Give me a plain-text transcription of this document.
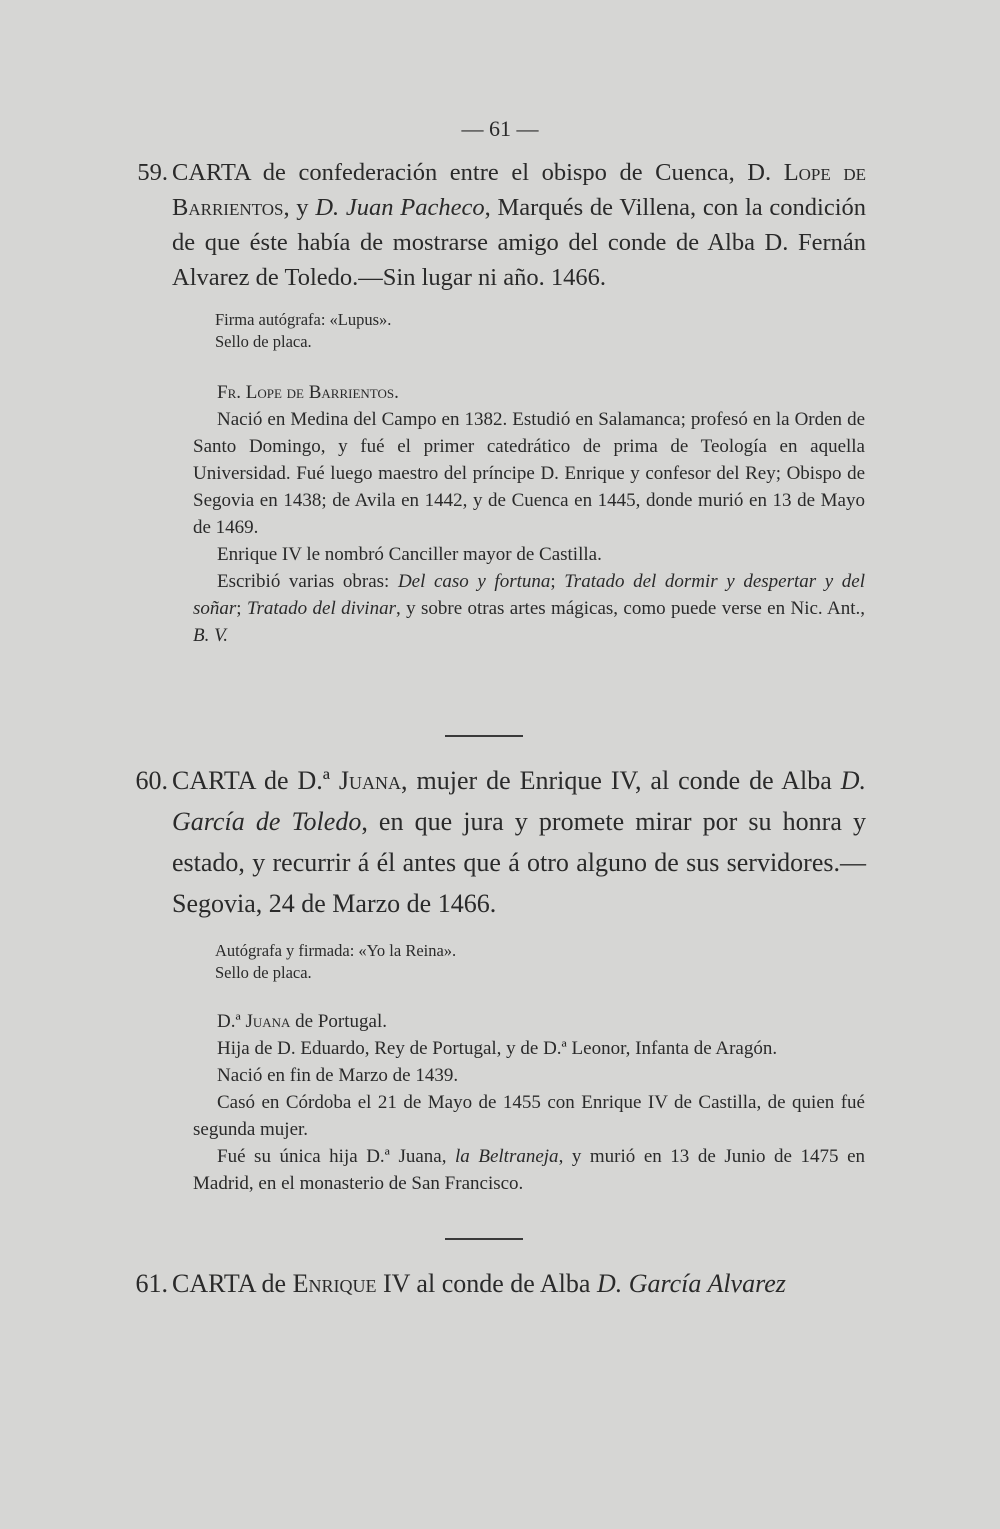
— 61 —
59. CARTA de confederación entre el obispo de Cuenca, D. Lope de Barrientos, y D. Juan Pacheco, Marqués de Villena, con la condición de que éste había de mostrarse amigo del conde de Alba D. Fernán Alvarez de Toledo.—Sin lugar ni año. 1466.
Firma autógrafa: «Lupus».
Sello de placa.

Fr. Lope de Barrientos.

Nació en Medina del Campo en 1382. Estudió en Salamanca; profesó en la Orden de Santo Domingo, y fué el primer catedrático de prima de Teología en aquella Universidad. Fué luego maestro del príncipe D. Enrique y confesor del Rey; Obispo de Segovia en 1438; de Avila en 1442, y de Cuenca en 1445, donde murió en 13 de Mayo de 1469.

Enrique IV le nombró Canciller mayor de Castilla.

Escribió varias obras: Del caso y fortuna; Tratado del dormir y despertar y del soñar; Tratado del divinar, y sobre otras artes mágicas, como puede verse en Nic. Ant., B. V.

60. CARTA de D.ª Juana, mujer de Enrique IV, al conde de Alba D. García de Toledo, en que jura y promete mirar por su honra y estado, y recurrir á él antes que á otro alguno de sus servidores.—Segovia, 24 de Marzo de 1466.
Autógrafa y firmada: «Yo la Reina».
Sello de placa.

D.ª Juana de Portugal.

Hija de D. Eduardo, Rey de Portugal, y de D.ª Leonor, Infanta de Aragón.

Nació en fin de Marzo de 1439.

Casó en Córdoba el 21 de Mayo de 1455 con Enrique IV de Castilla, de quien fué segunda mujer.

Fué su única hija D.ª Juana, la Beltraneja, y murió en 13 de Junio de 1475 en Madrid, en el monasterio de San Francisco.

61. CARTA de Enrique IV al conde de Alba D. García Alvarez
